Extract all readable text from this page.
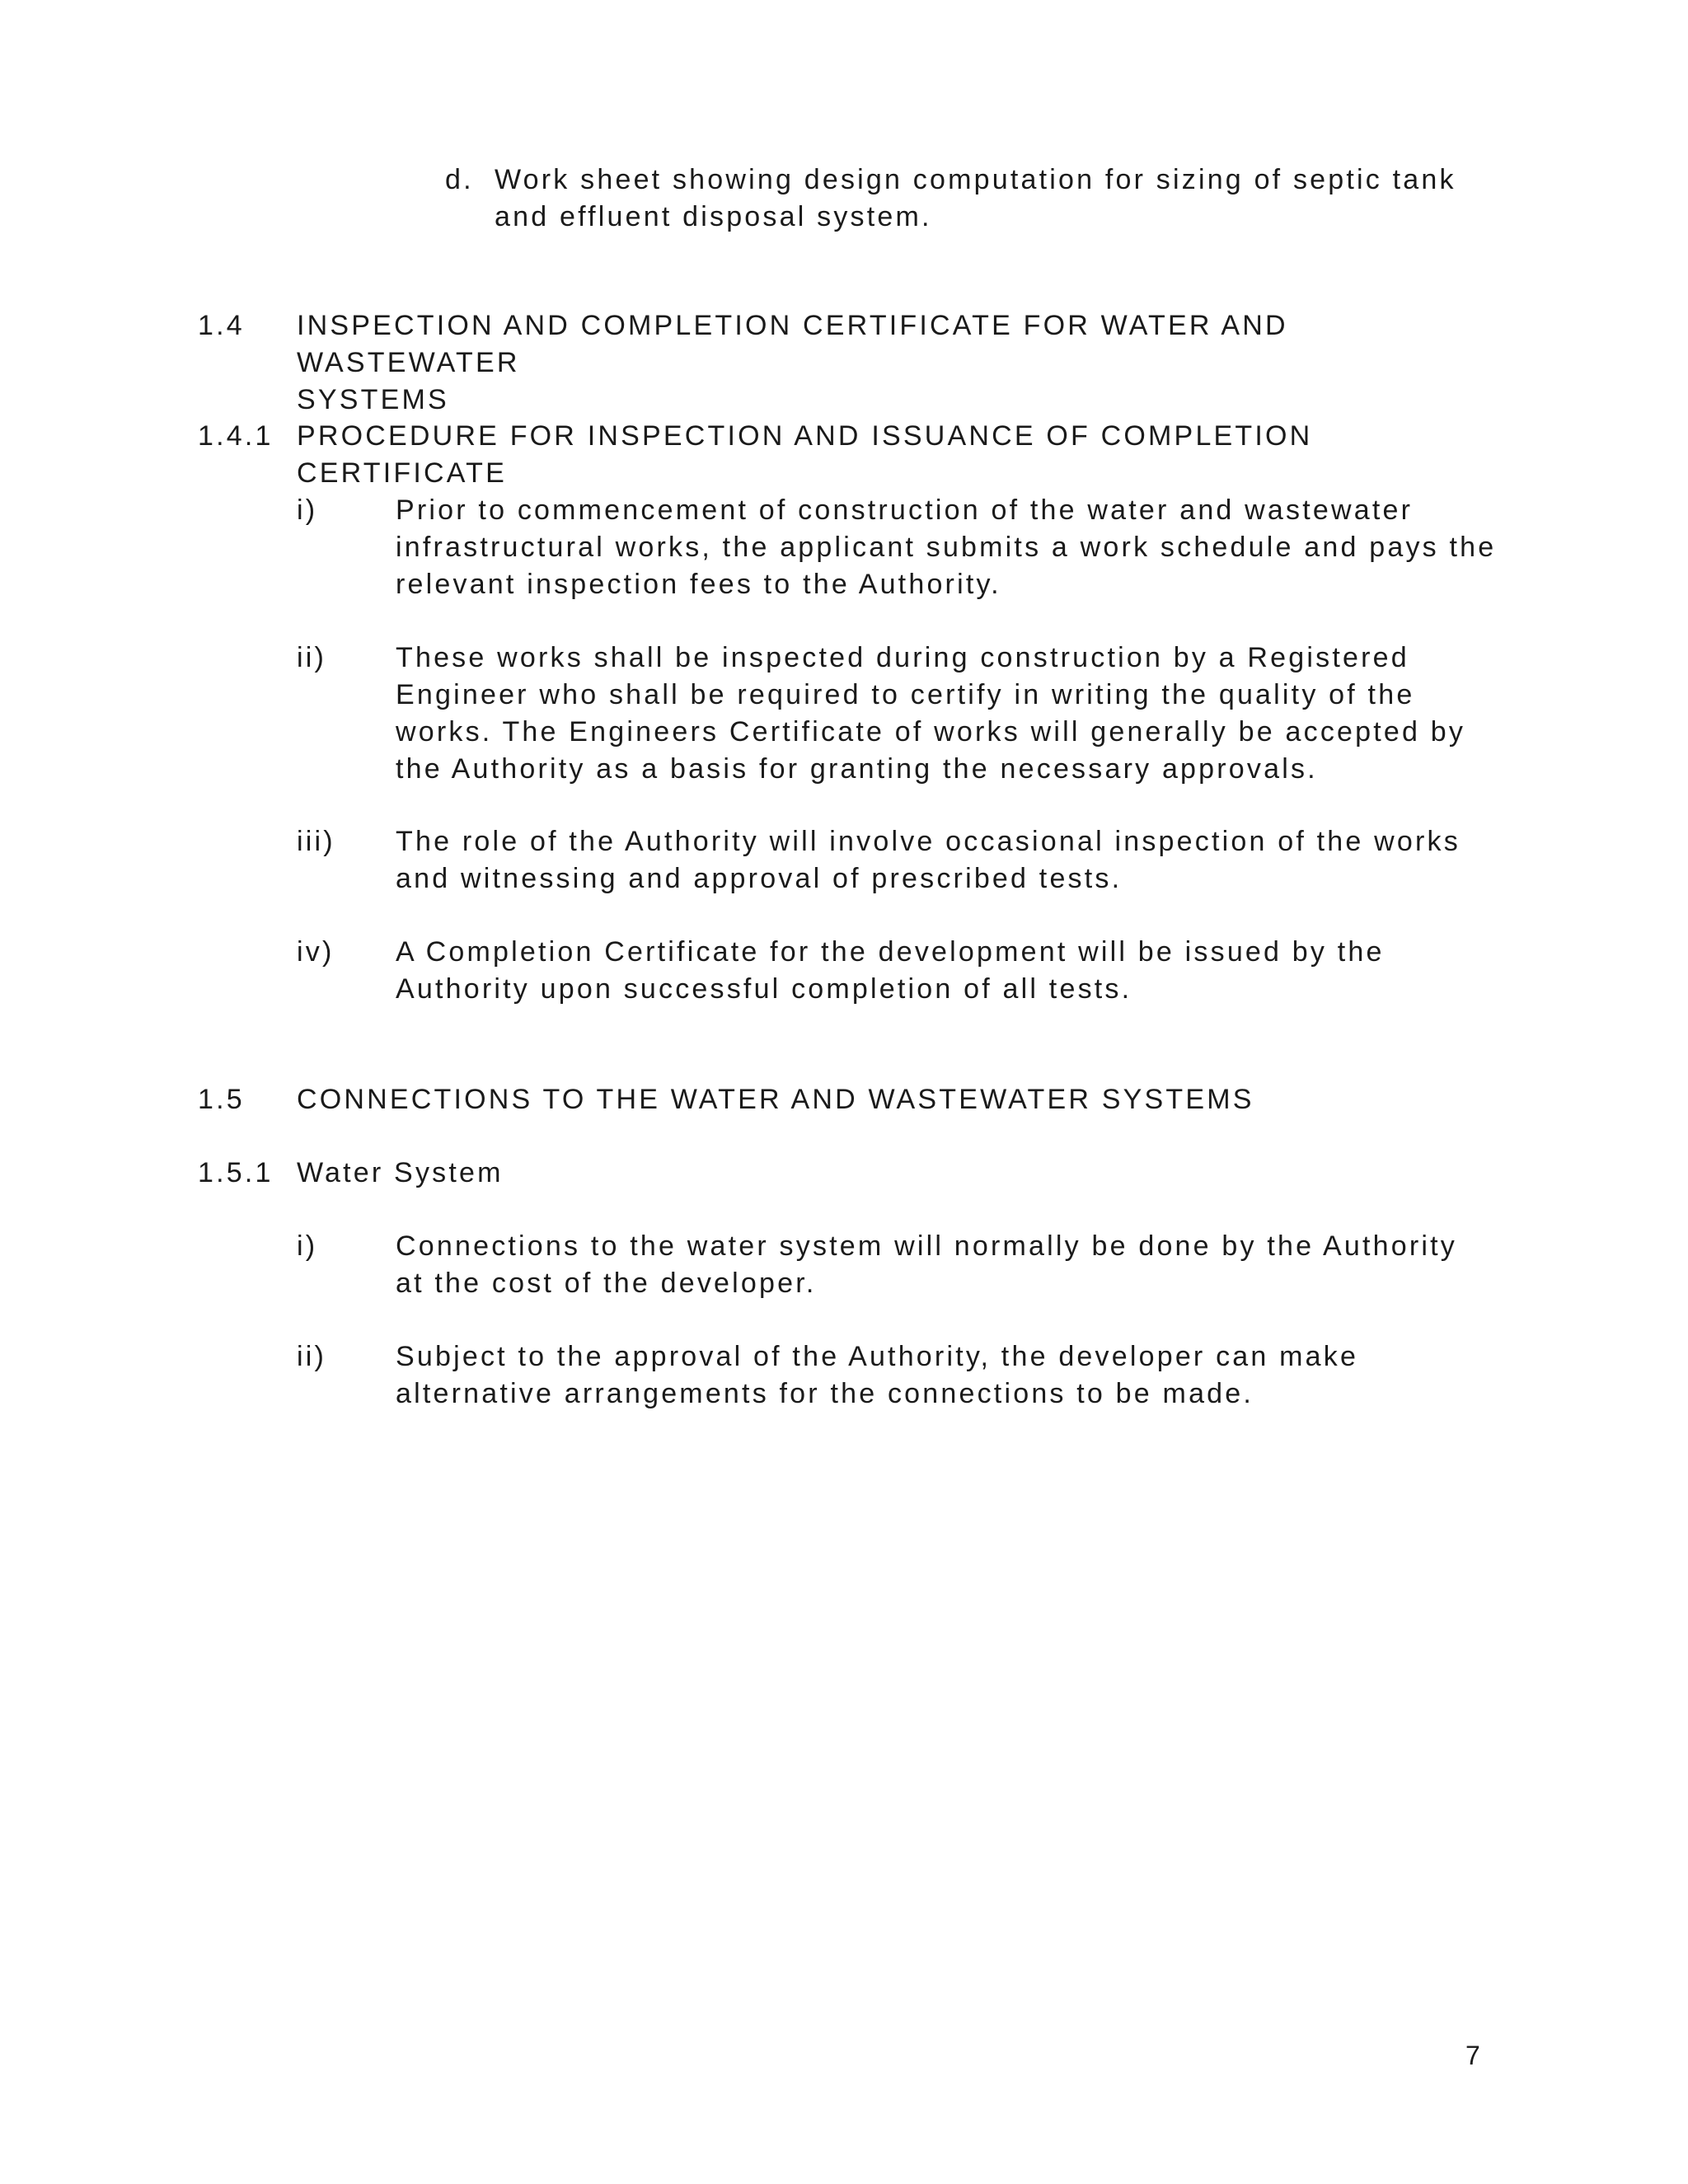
d. Work sheet showing design computation for sizing of septic tank
and effluent disposal system.

1.4 INSPECTION AND COMPLETION CERTIFICATE FOR WATER AND WASTEWATER
SYSTEMS

1.4.1 PROCEDURE FOR INSPECTION AND ISSUANCE OF COMPLETION CERTIFICATE

i)	Prior to commencement of construction of the water and wastewater
infrastructural works, the applicant submits a work schedule and pays the
relevant inspection fees to the Authority.

ii) These works shall be inspected during construction by a Registered
Engineer who shall be required to certify in writing the quality of the
works. The Engineers Certificate of works will generally be accepted by
the Authority as a basis for granting the necessary approvals.

iii) The role of the Authority will involve occasional inspection of the works
and witnessing and approval of prescribed tests.

iv) A Completion Certificate for the development will be issued by the
Authority upon successful completion of all tests.

1.5 CONNECTIONS TO THE WATER AND WASTEWATER SYSTEMS

1.5.1 Water System

i)	Connections to the water system will normally be done by the Authority
at the cost of the developer.

ii) Subject to the approval of the Authority, the developer can make
alternative arrangements for the connections to be made.

7
